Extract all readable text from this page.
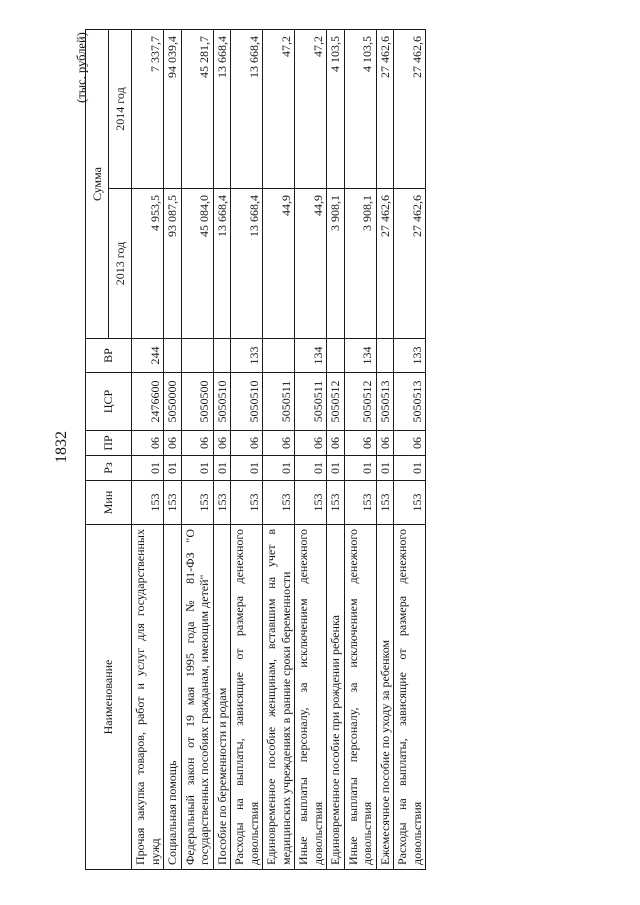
1832
(тыс. рублей)
Наименование	Мин	Рз	ПР	ЦСР	ВР	Сумма	
						2013 год	2014 год
Прочая закупка товаров, работ и услуг для государственных нужд	153	01	06	2476600	244	4 953,5	7 337,7
Социальная помощь	153	01	06	5050000		93 087,5	94 039,4
Федеральный закон от 19 мая 1995 года № 81-ФЗ "О государственных пособиях гражданам, имеющим детей"	153	01	06	5050500		45 084,0	45 281,7
Пособие по беременности и родам	153	01	06	5050510		13 668,4	13 668,4
Расходы на выплаты, зависящие от размера денежного довольствия	153	01	06	5050510	133	13 668,4	13 668,4
Единовременное пособие женщинам, вставшим на учет в медицинских учреждениях в ранние сроки беременности	153	01	06	5050511		44,9	47,2
Иные выплаты персоналу, за исключением денежного довольствия	153	01	06	5050511	134	44,9	47,2
Единовременное пособие при рождении ребенка	153	01	06	5050512		3 908,1	4 103,5
Иные выплаты персоналу, за исключением денежного довольствия	153	01	06	5050512	134	3 908,1	4 103,5
Ежемесячное пособие по уходу за ребенком	153	01	06	5050513		27 462,6	27 462,6
Расходы на выплаты, зависящие от размера денежного довольствия	153	01	06	5050513	133	27 462,6	27 462,6
